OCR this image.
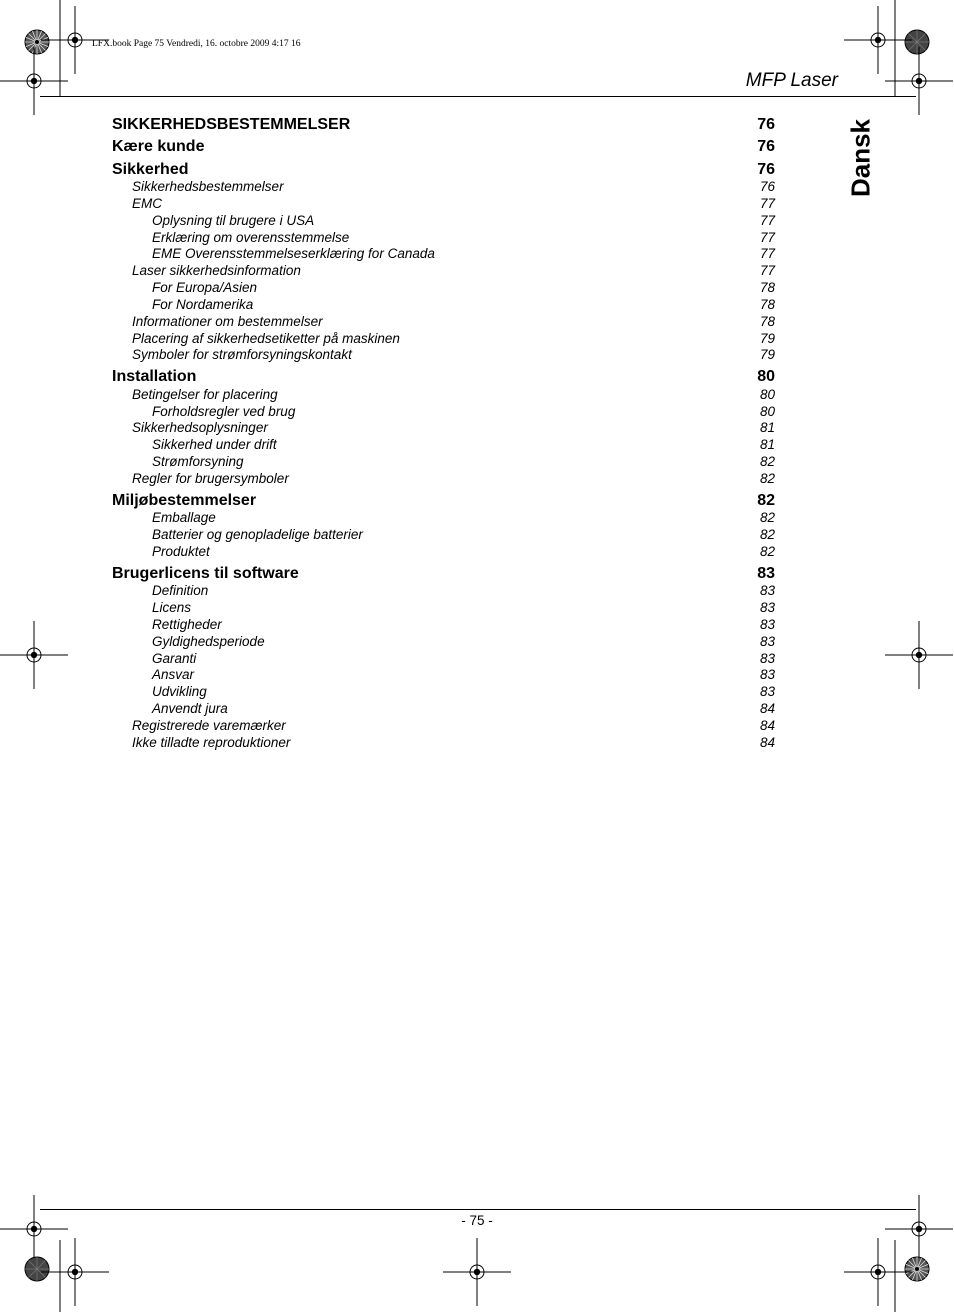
LFX.book Page 75 Vendredi, 16. octobre 2009 4:17 16
MFP Laser
Dansk
SIKKERHEDSBESTEMMELSER	76
Kære kunde	76
Sikkerhed	76
Sikkerhedsbestemmelser	76
EMC	77
Oplysning til brugere i USA	77
Erklæring om overensstemmelse	77
EME Overensstemmelseserklæring for Canada	77
Laser sikkerhedsinformation	77
For Europa/Asien	78
For Nordamerika	78
Informationer om bestemmelser	78
Placering af sikkerhedsetiketter på maskinen	79
Symboler for strømforsyningskontakt	79
Installation	80
Betingelser for placering	80
Forholdsregler ved brug	80
Sikkerhedsoplysninger	81
Sikkerhed under drift	81
Strømforsyning	82
Regler for brugersymboler	82
Miljøbestemmelser	82
Emballage	82
Batterier og genopladelige batterier	82
Produktet	82
Brugerlicens til software	83
Definition	83
Licens	83
Rettigheder	83
Gyldighedsperiode	83
Garanti	83
Ansvar	83
Udvikling	83
Anvendt jura	84
Registrerede varemærker	84
Ikke tilladte reproduktioner	84
- 75 -
